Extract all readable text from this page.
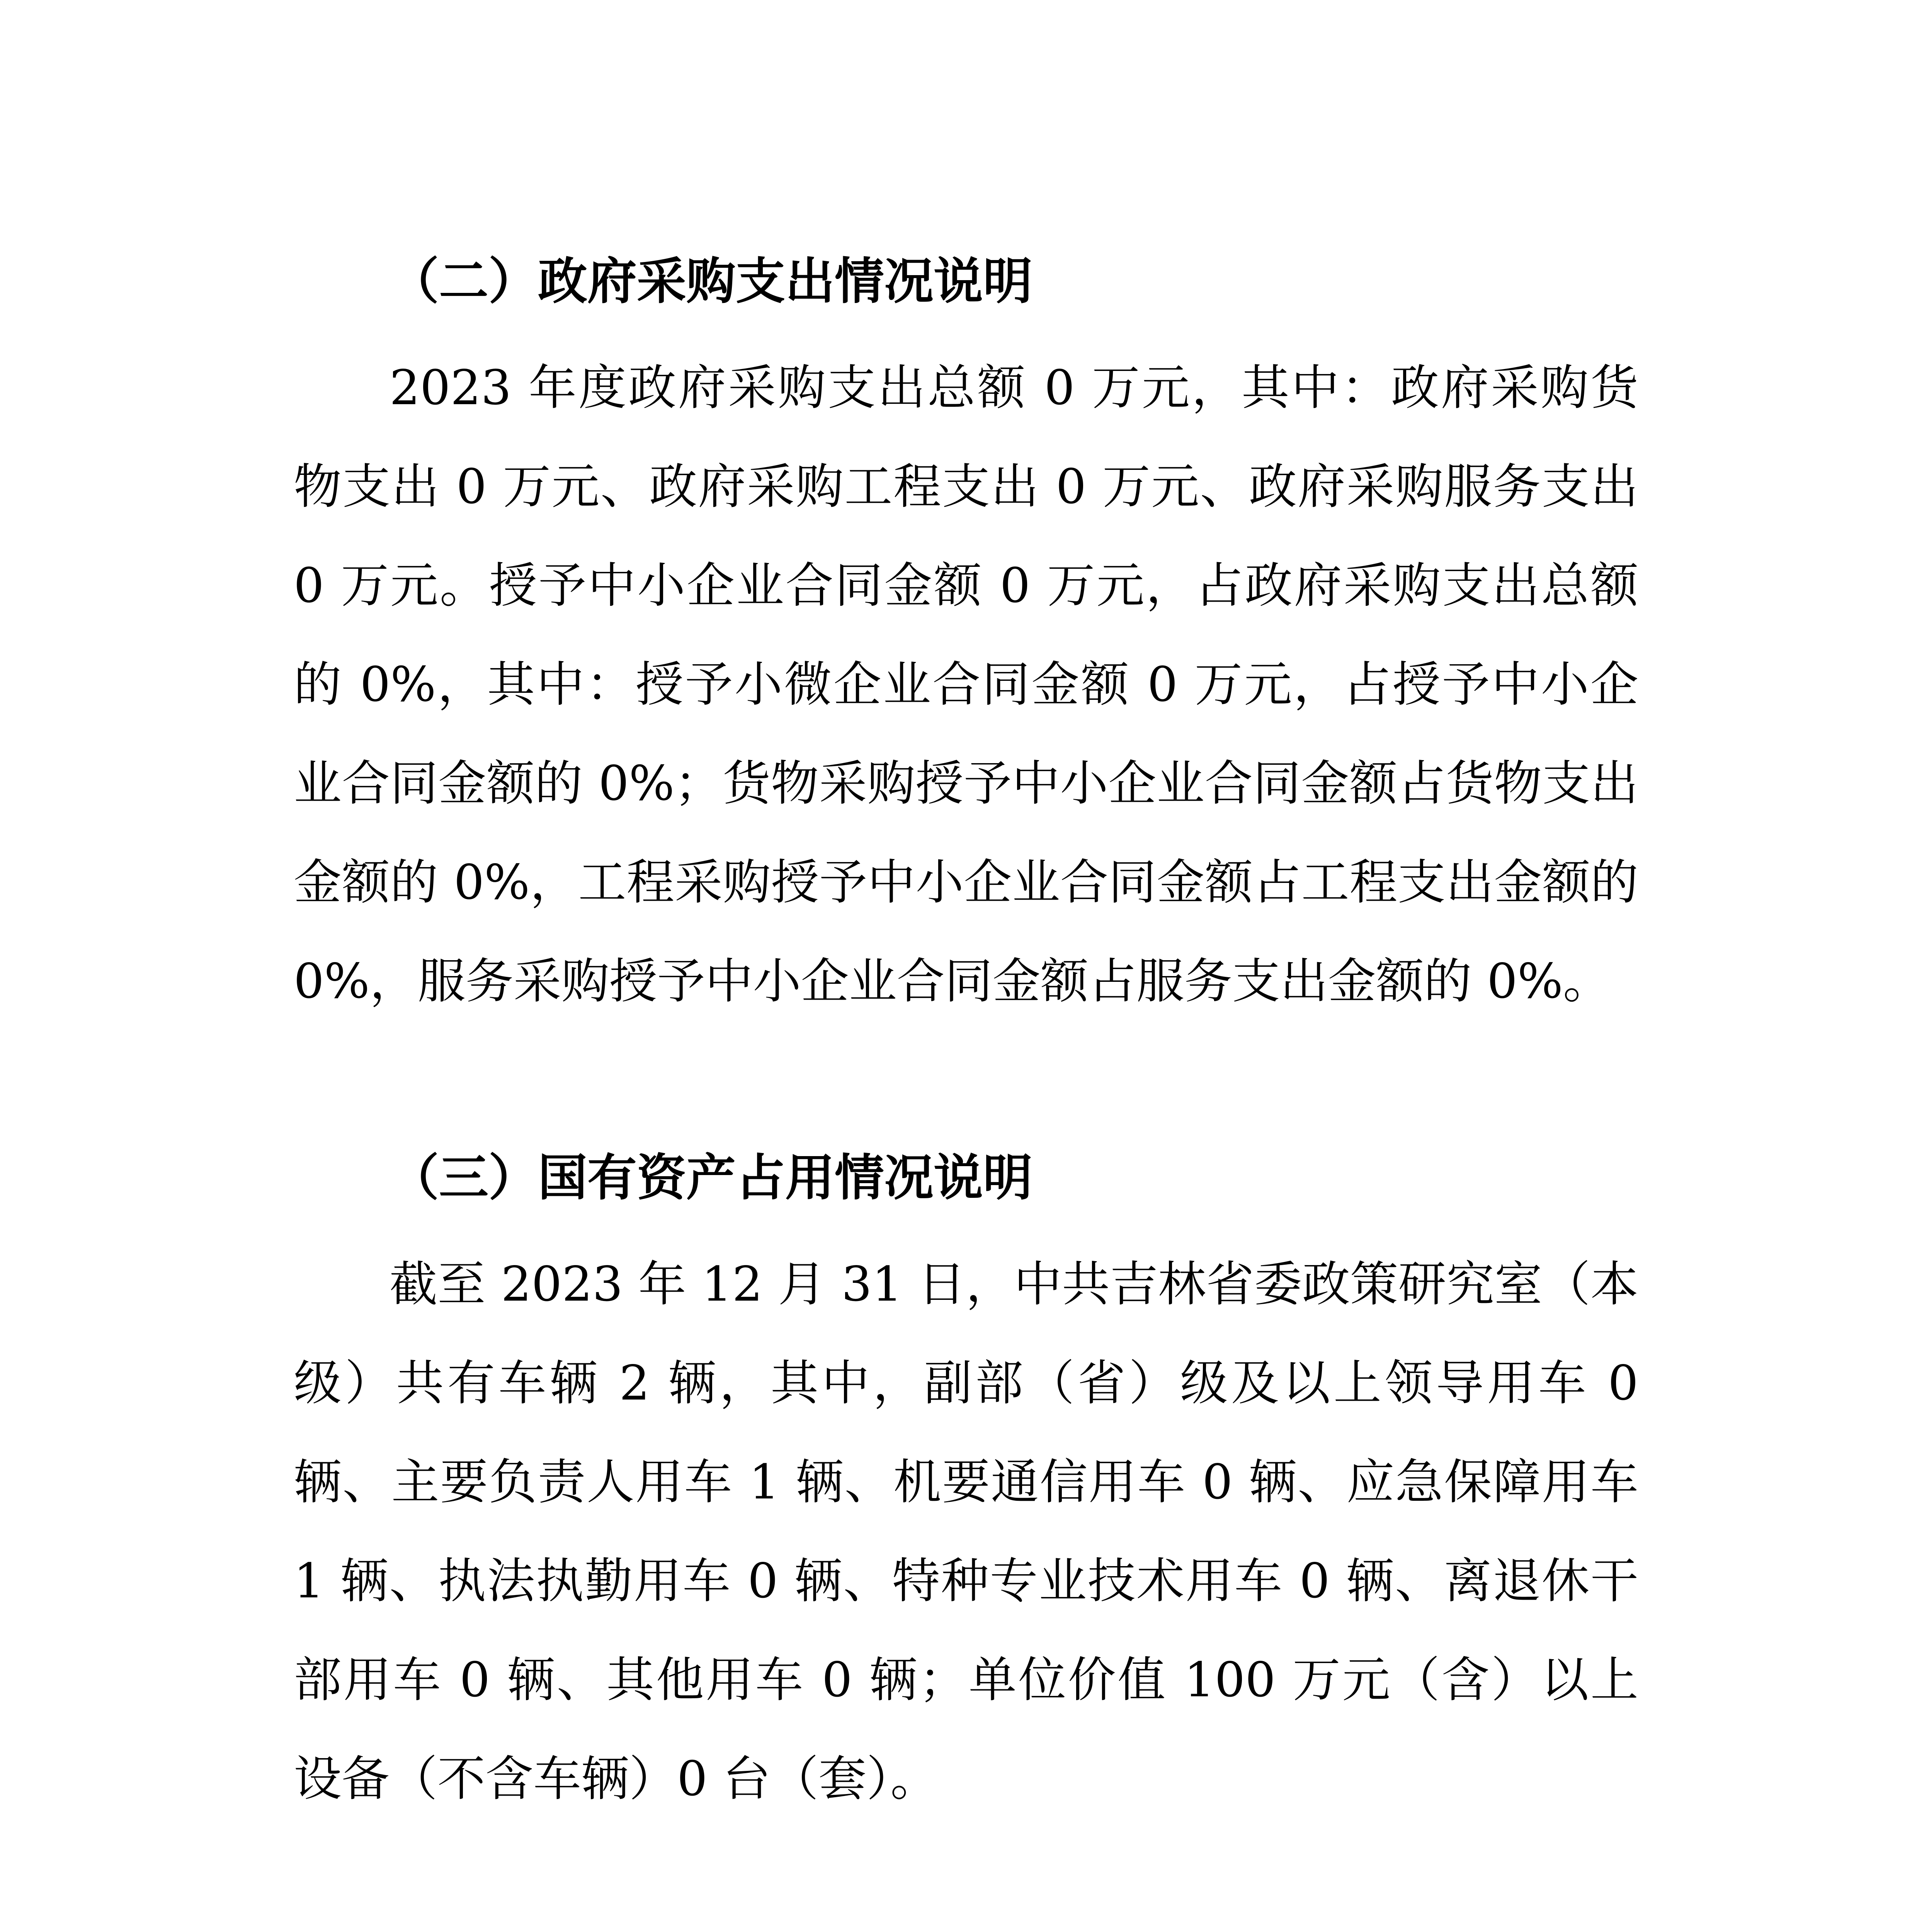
（二）政府采购支出情况说明
2023 年度政府采购支出总额 0 万元，其中：政府采购货物支出 0 万元、政府采购工程支出 0 万元、政府采购服务支出 0 万元。授予中小企业合同金额 0 万元，占政府采购支出总额的 0%，其中：授予小微企业合同金额 0 万元，占授予中小企业合同金额的 0%；货物采购授予中小企业合同金额占货物支出金额的 0%，工程采购授予中小企业合同金额占工程支出金额的 0%，服务采购授予中小企业合同金额占服务支出金额的 0%。
（三）国有资产占用情况说明
截至 2023 年 12 月 31 日，中共吉林省委政策研究室（本级）共有车辆 2 辆，其中，副部（省）级及以上领导用车 0 辆、主要负责人用车 1 辆、机要通信用车 0 辆、应急保障用车 1 辆、执法执勤用车 0 辆、特种专业技术用车 0 辆、离退休干部用车 0 辆、其他用车 0 辆；单位价值 100 万元（含）以上设备（不含车辆）0 台（套）。
